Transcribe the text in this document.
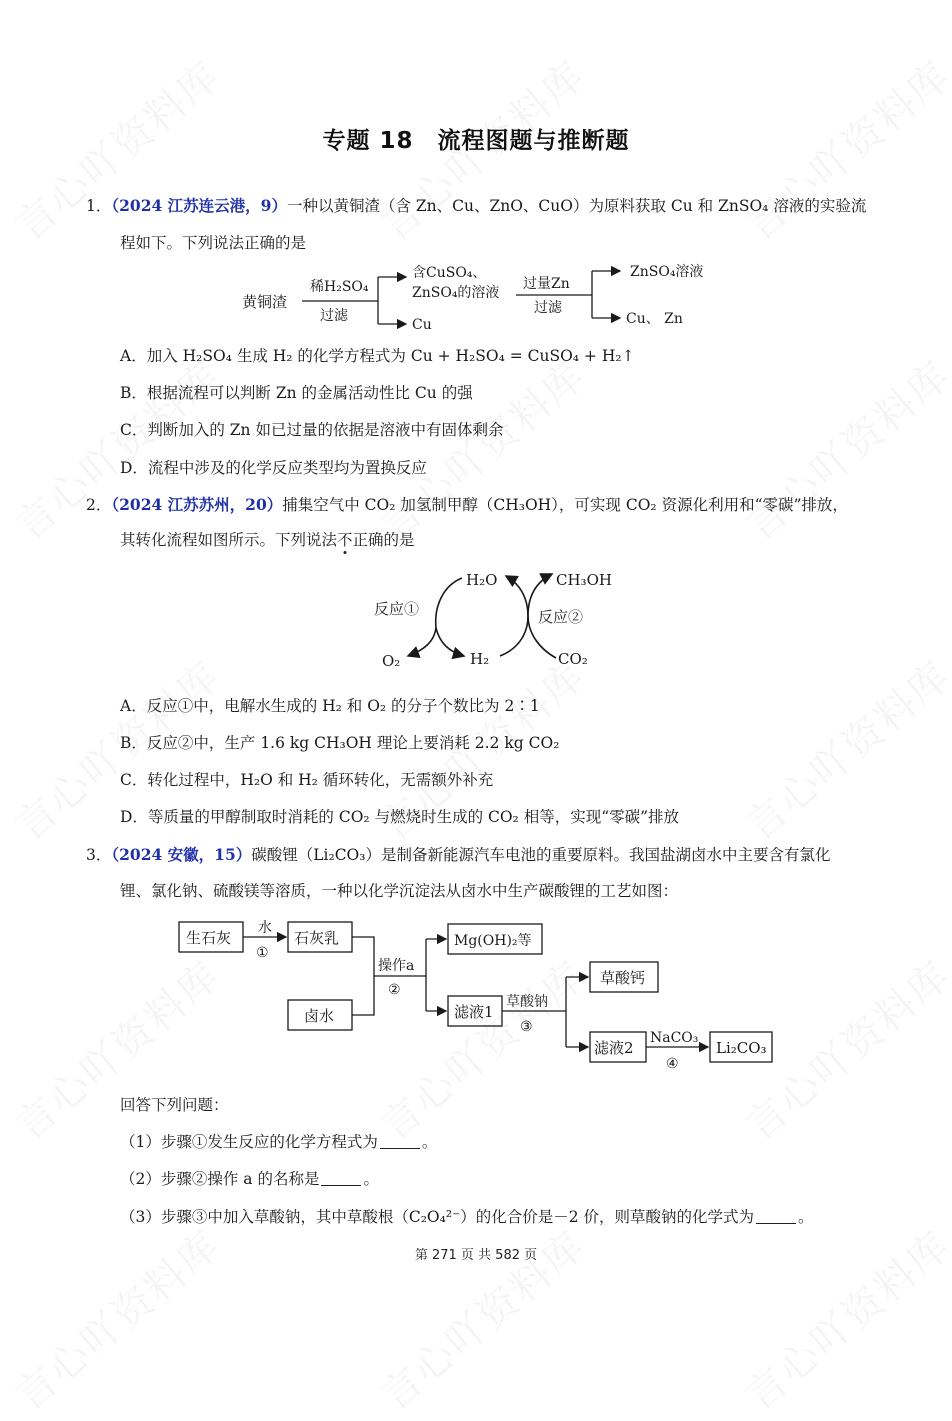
专题 18　流程图题与推断题
1．（2024 江苏连云港，9）一种以黄铜渣（含 Zn、Cu、ZnO、CuO）为原料获取 Cu 和 ZnSO₄ 溶液的实验流
程如下。下列说法正确的是
黄铜渣
稀H₂SO₄
过滤
含CuSO₄、
ZnSO₄的溶液
Cu
过量Zn
过滤
ZnSO₄溶液
Cu、 Zn
A．加入 H₂SO₄ 生成 H₂ 的化学方程式为 Cu + H₂SO₄ = CuSO₄ + H₂↑
B．根据流程可以判断 Zn 的金属活动性比 Cu 的强
C．判断加入的 Zn 如已过量的依据是溶液中有固体剩余
D．流程中涉及的化学反应类型均为置换反应
2．（2024 江苏苏州，20）捕集空气中 CO₂ 加氢制甲醇（CH₃OH），可实现 CO₂ 资源化利用和“零碳”排放，
其转化流程如图所示。下列说法不正确的是
H₂O	CH₃OH
反应①	反应②
O₂	H₂	CO₂
A．反应①中，电解水生成的 H₂ 和 O₂ 的分子个数比为 2∶1
B．反应②中，生产 1.6 kg CH₃OH 理论上要消耗 2.2 kg CO₂
C．转化过程中，H₂O 和 H₂ 循环转化，无需额外补充
D．等质量的甲醇制取时消耗的 CO₂ 与燃烧时生成的 CO₂ 相等，实现“零碳”排放
3．（2024 安徽，15）碳酸锂（Li₂CO₃）是制备新能源汽车电池的重要原料。我国盐湖卤水中主要含有氯化
锂、氯化钠、硫酸镁等溶质，一种以化学沉淀法从卤水中生产碳酸锂的工艺如图：
生石灰
水
①
石灰乳
卤水
操作a
②
Mg(OH)₂等
滤液1
草酸钠
③
草酸钙
滤液2
NaCO₃
④
Li₂CO₃
回答下列问题：
（1）步骤①发生反应的化学方程式为	。
（2）步骤②操作 a 的名称是	。
（3）步骤③中加入草酸钠，其中草酸根（C₂O₄²⁻）的化合价是－2 价，则草酸钠的化学式为	。
第 271 页 共 582 页
